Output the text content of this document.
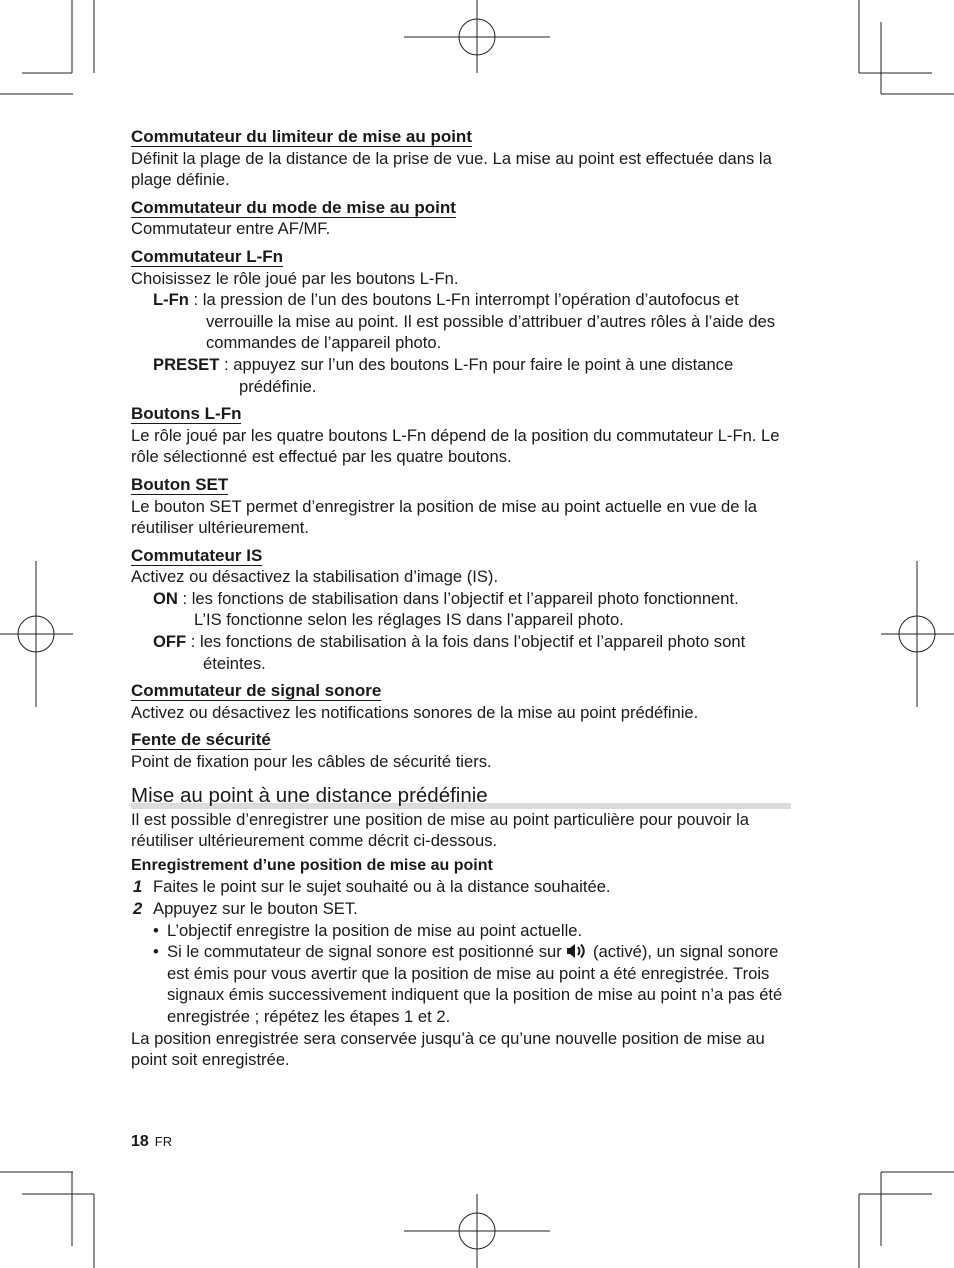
Commutateur du limiteur de mise au point

Définit la plage de la distance de la prise de vue. La mise au point est effectuée dans la plage définie.

Commutateur du mode de mise au point

Commutateur entre AF/MF.

Commutateur L-Fn

Choisissez le rôle joué par les boutons L-Fn.

L-Fn : la pression de l’un des boutons L-Fn interrompt l’opération d’autofocus et verrouille la mise au point. Il est possible d’attribuer d’autres rôles à l’aide des commandes de l’appareil photo.

PRESET : appuyez sur l’un des boutons L-Fn pour faire le point à une distance prédéfinie.

Boutons L-Fn

Le rôle joué par les quatre boutons L-Fn dépend de la position du commutateur L-Fn. Le rôle sélectionné est effectué par les quatre boutons.

Bouton SET

Le bouton SET permet d’enregistrer la position de mise au point actuelle en vue de la réutiliser ultérieurement.

Commutateur IS

Activez ou désactivez la stabilisation d’image (IS).

ON : les fonctions de stabilisation dans l’objectif et l’appareil photo fonctionnent.

L’IS fonctionne selon les réglages IS dans l’appareil photo.

OFF : les fonctions de stabilisation à la fois dans l’objectif et l’appareil photo sont éteintes.

Commutateur de signal sonore

Activez ou désactivez les notifications sonores de la mise au point prédéfinie.

Fente de sécurité

Point de fixation pour les câbles de sécurité tiers.

Mise au point à une distance prédéfinie

Il est possible d’enregistrer une position de mise au point particulière pour pouvoir la réutiliser ultérieurement comme décrit ci-dessous.

Enregistrement d’une position de mise au point

1 Faites le point sur le sujet souhaité ou à la distance souhaitée.

2 Appuyez sur le bouton SET.

• L’objectif enregistre la position de mise au point actuelle.

• Si le commutateur de signal sonore est positionné sur  (activé), un signal sonore est émis pour vous avertir que la position de mise au point a été enregistrée. Trois signaux émis successivement indiquent que la position de mise au point n’a pas été enregistrée ; répétez les étapes 1 et 2.

La position enregistrée sera conservée jusqu’à ce qu’une nouvelle position de mise au point soit enregistrée.

18 FR
